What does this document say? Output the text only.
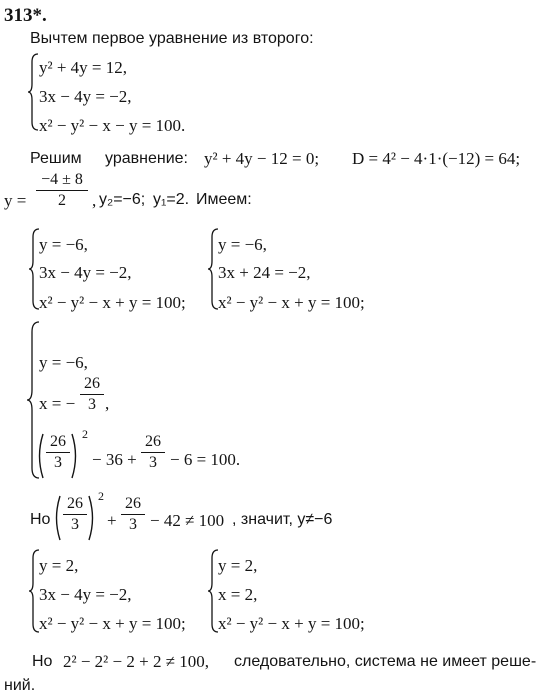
313*.
Вычтем первое уравнение из второго:
y² + 4y = 12,
3x − 4y = −2,
x² − y² − x − y = 100.
Решим уравнение: y² + 4y − 12 = 0; D = 4² − 4·1·(−12) = 64;
y =
−4 ± 8
2	, y₂=−6; y₁=2. Имеем:
y = −6,
3x − 4y = −2,
x² − y² − x + y = 100;
y = −6,
3x + 24 = −2,
x² − y² − x + y = 100;
y = −6,
x = −
26
3 ,
26
3
2
− 36 +
26
3 − 6 = 100.
Но
26
3
2
+
26
3 − 42 ≠ 100 , значит, y≠−6
y = 2,
3x − 4y = −2,
x² − y² − x + y = 100;
y = 2,
x = 2,
x² − y² − x + y = 100;
Но 2² − 2² − 2 + 2 ≠ 100, следовательно, система не имеет реше-
ний.
